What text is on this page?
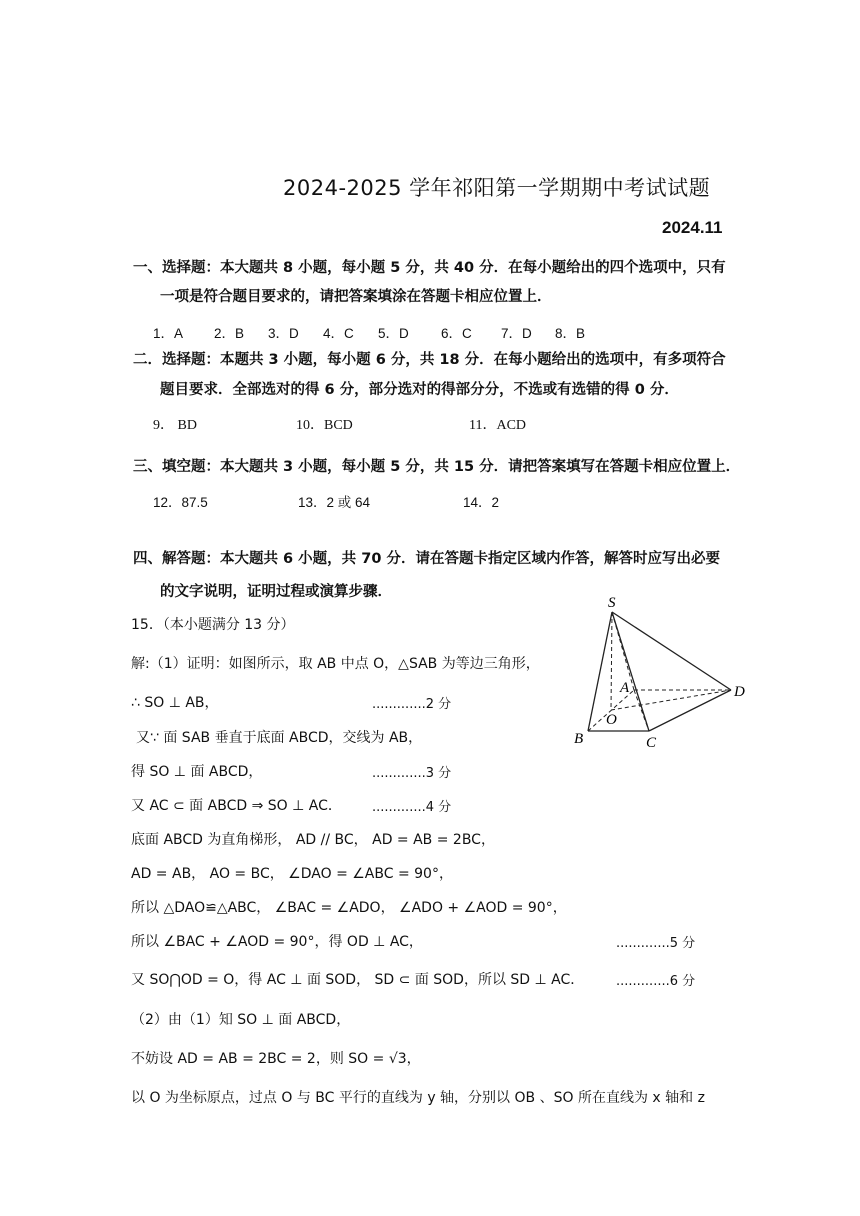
2024-2025 学年祁阳第一学期期中考试试题
2024.11
一、选择题：本大题共 8 小题，每小题 5 分，共 40 分．在每小题给出的四个选项中，只有
一项是符合题目要求的，请把答案填涂在答题卡相应位置上．
1．A 2．B 3．D 4．C 5．D 6．C 7．D 8．B
二．选择题：本题共 3 小题，每小题 6 分，共 18 分．在每小题给出的选项中，有多项符合
题目要求．全部选对的得 6 分，部分选对的得部分分，不选或有选错的得 0 分．
9． BD	10．BCD	11．ACD
三、填空题：本大题共 3 小题，每小题 5 分，共 15 分．请把答案填写在答题卡相应位置上．
12．87.5	13．2 或 64	14．2
四、解答题：本大题共 6 小题，共 70 分．请在答题卡指定区域内作答，解答时应写出必要
的文字说明，证明过程或演算步骤．
15．（本小题满分 13 分）
解:（1）证明：如图所示，取 AB 中点 O，△SAB 为等边三角形，
∴ SO ⊥ AB，	.............2 分
又∵ 面 SAB 垂直于底面 ABCD，交线为 AB，
得 SO ⊥ 面 ABCD，	.............3 分
又 AC ⊂ 面 ABCD ⇒ SO ⊥ AC． .............4 分
底面 ABCD 为直角梯形， AD // BC， AD = AB = 2BC，
AD = AB， AO = BC， ∠DAO = ∠ABC = 90°，
所以 △DAO≌△ABC， ∠BAC = ∠ADO， ∠ADO + ∠AOD = 90°，
所以 ∠BAC + ∠AOD = 90°，得 OD ⊥ AC，	.............5 分
又 SO⋂OD = O，得 AC ⊥ 面 SOD， SD ⊂ 面 SOD，所以 SD ⊥ AC． .............6 分
（2）由（1）知 SO ⊥ 面 ABCD，
不妨设 AD = AB = 2BC = 2，则 SO = √3，
以 O 为坐标原点，过点 O 与 BC 平行的直线为 y 轴，分别以 OB 、SO 所在直线为 x 轴和 z
S
A
O
D
B	C
